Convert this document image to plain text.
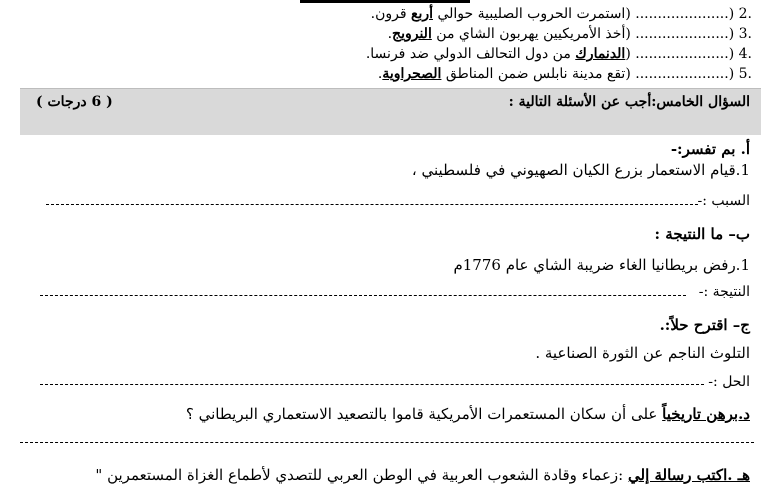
.2 (..................... (استمرت الحروب الصليبية حوالي أربع قرون.
.3 (..................... (أخذ الأمريكيين يهربون الشاي من النرويج.
.4 (..................... (الدنمارك من دول التحالف الدولي ضد فرنسا.
.5 (..................... (تقع مدينة نابلس ضمن المناطق الصحراوية.
السؤال الخامس:أجب عن الأسئلة التالية :
( 6 درجات )
أ. بم تفسر:-
1.قيام الاستعمار بزرع الكيان الصهيوني في فلسطيني ،
السبب :-
ب– ما النتيجة :
1.رفض بريطانيا الغاء ضريبة الشاي عام 1776م
النتيجة :-
ج– اقترح حلاً:.
التلوث الناجم عن الثورة الصناعية .
الحل :-
د.برهن تاريخياً على أن سكان المستعمرات الأمريكية قاموا بالتصعيد الاستعماري البريطاني ؟
هـ .اكتب رسالة إلي :زعماء وقادة الشعوب العربية في الوطن العربي للتصدي لأطماع الغزاة المستعمرين "
